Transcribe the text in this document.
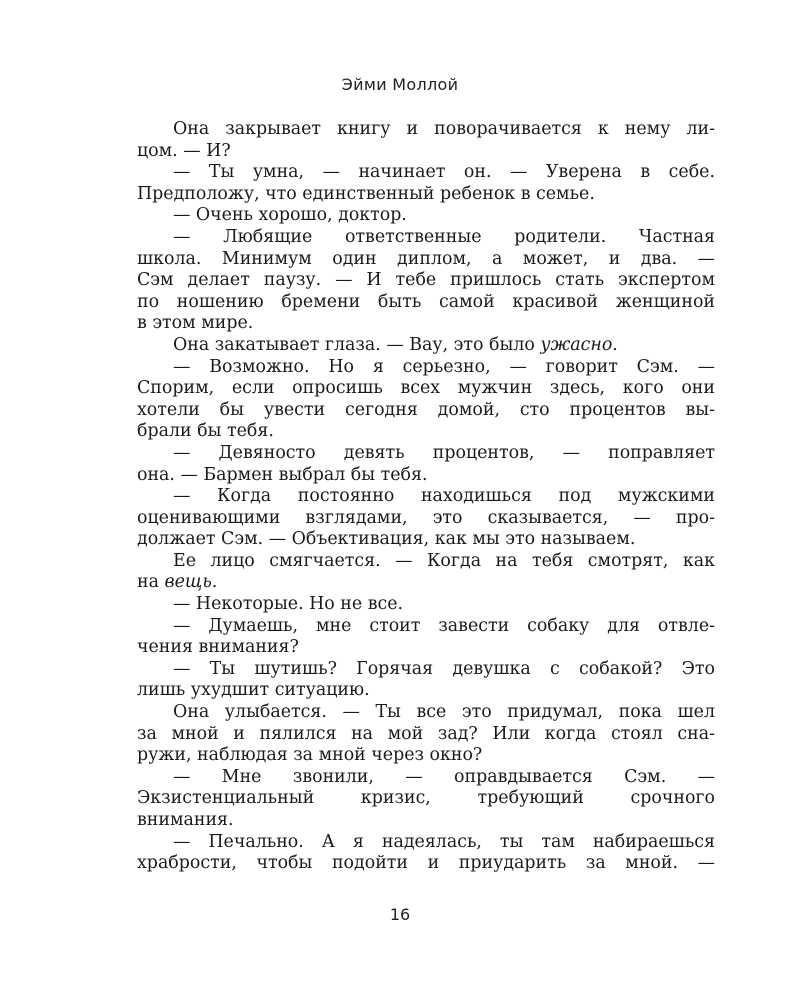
Эйми Моллой
Она закрывает книгу и поворачивается к нему ли-
цом. — И?
— Ты умна, — начинает он. — Уверена в себе.
Предположу, что единственный ребенок в семье.
— Очень хорошо, доктор.
— Любящие ответственные родители. Частная
школа. Минимум один диплом, а может, и два. —
Сэм делает паузу. — И тебе пришлось стать экспертом
по ношению бремени быть самой красивой женщиной
в этом мире.
Она закатывает глаза. — Вау, это было ужасно.
— Возможно. Но я серьезно, — говорит Сэм. —
Спорим, если опросишь всех мужчин здесь, кого они
хотели бы увести сегодня домой, сто процентов вы-
брали бы тебя.
— Девяносто девять процентов, — поправляет
она. — Бармен выбрал бы тебя.
— Когда постоянно находишься под мужскими
оценивающими взглядами, это сказывается, — про-
должает Сэм. — Объективация, как мы это называем.
Ее лицо смягчается. — Когда на тебя смотрят, как
на вещь.
— Некоторые. Но не все.
— Думаешь, мне стоит завести собаку для отвле-
чения внимания?
— Ты шутишь? Горячая девушка с собакой? Это
лишь ухудшит ситуацию.
Она улыбается. — Ты все это придумал, пока шел
за мной и пялился на мой зад? Или когда стоял сна-
ружи, наблюдая за мной через окно?
— Мне звонили, — оправдывается Сэм. —
Экзистенциальный кризис, требующий срочного
внимания.
— Печально. А я надеялась, ты там набираешься
храбрости, чтобы подойти и приударить за мной. —
16
